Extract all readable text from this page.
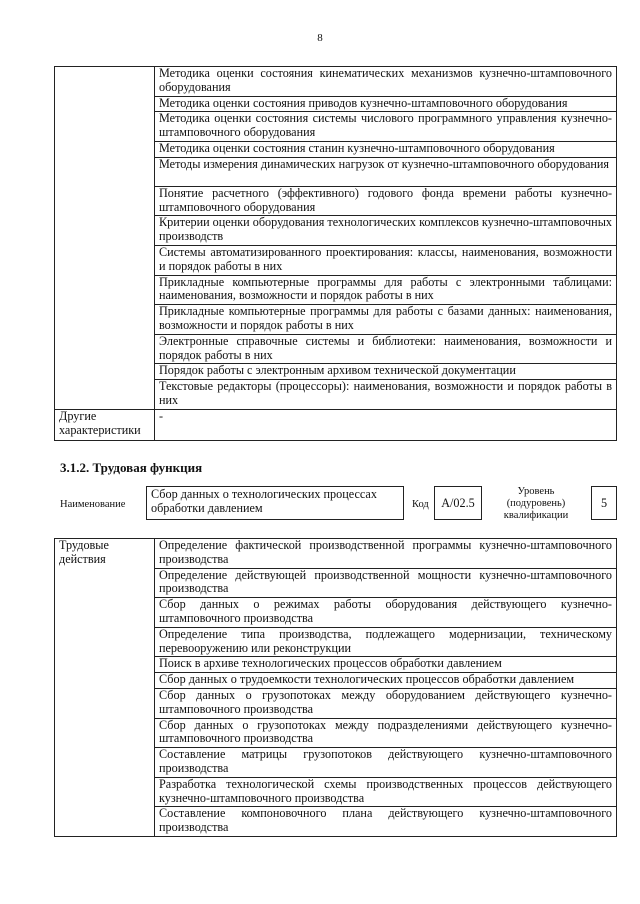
8
	Методика оценки состояния кинематических механизмов кузнечно-штамповочного оборудования
	Методика оценки состояния приводов кузнечно-штамповочного оборудования
	Методика оценки состояния системы числового программного управления кузнечно-штамповочного оборудования
	Методика оценки состояния станин кузнечно-штамповочного оборудования
	Методы измерения динамических нагрузок от кузнечно-штамповочного оборудования
	Понятие расчетного (эффективного) годового фонда времени работы кузнечно-штамповочного оборудования
	Критерии оценки оборудования технологических комплексов кузнечно-штамповочных производств
	Системы автоматизированного проектирования: классы, наименования, возможности и порядок работы в них
	Прикладные компьютерные программы для работы с электронными таблицами: наименования, возможности и порядок работы в них
	Прикладные компьютерные программы для работы с базами данных: наименования, возможности и порядок работы в них
	Электронные справочные системы и библиотеки: наименования, возможности и порядок работы в них
	Порядок работы с электронным архивом технической документации
	Текстовые редакторы (процессоры): наименования, возможности и порядок работы в них
Другие характеристики	-
3.1.2. Трудовая функция
Наименование
Сбор данных о технологических процессах обработки давлением	Код	A/02.5
Уровень (подуровень) квалификации
5
Трудовые действия	Определение фактической производственной программы кузнечно-штамповочного производства
Определение действующей производственной мощности кузнечно-штамповочного производства
Сбор данных о режимах работы оборудования действующего кузнечно-штамповочного производства
Определение типа производства, подлежащего модернизации, техническому перевооружению или реконструкции
Поиск в архиве технологических процессов обработки давлением
Сбор данных о трудоемкости технологических процессов обработки давлением
Сбор данных о грузопотоках между оборудованием действующего кузнечно-штамповочного производства
Сбор данных о грузопотоках между подразделениями действующего кузнечно-штамповочного производства
Составление матрицы грузопотоков действующего кузнечно-штамповочного производства
Разработка технологической схемы производственных процессов действующего кузнечно-штамповочного производства
Составление компоновочного плана действующего кузнечно-штамповочного производства
